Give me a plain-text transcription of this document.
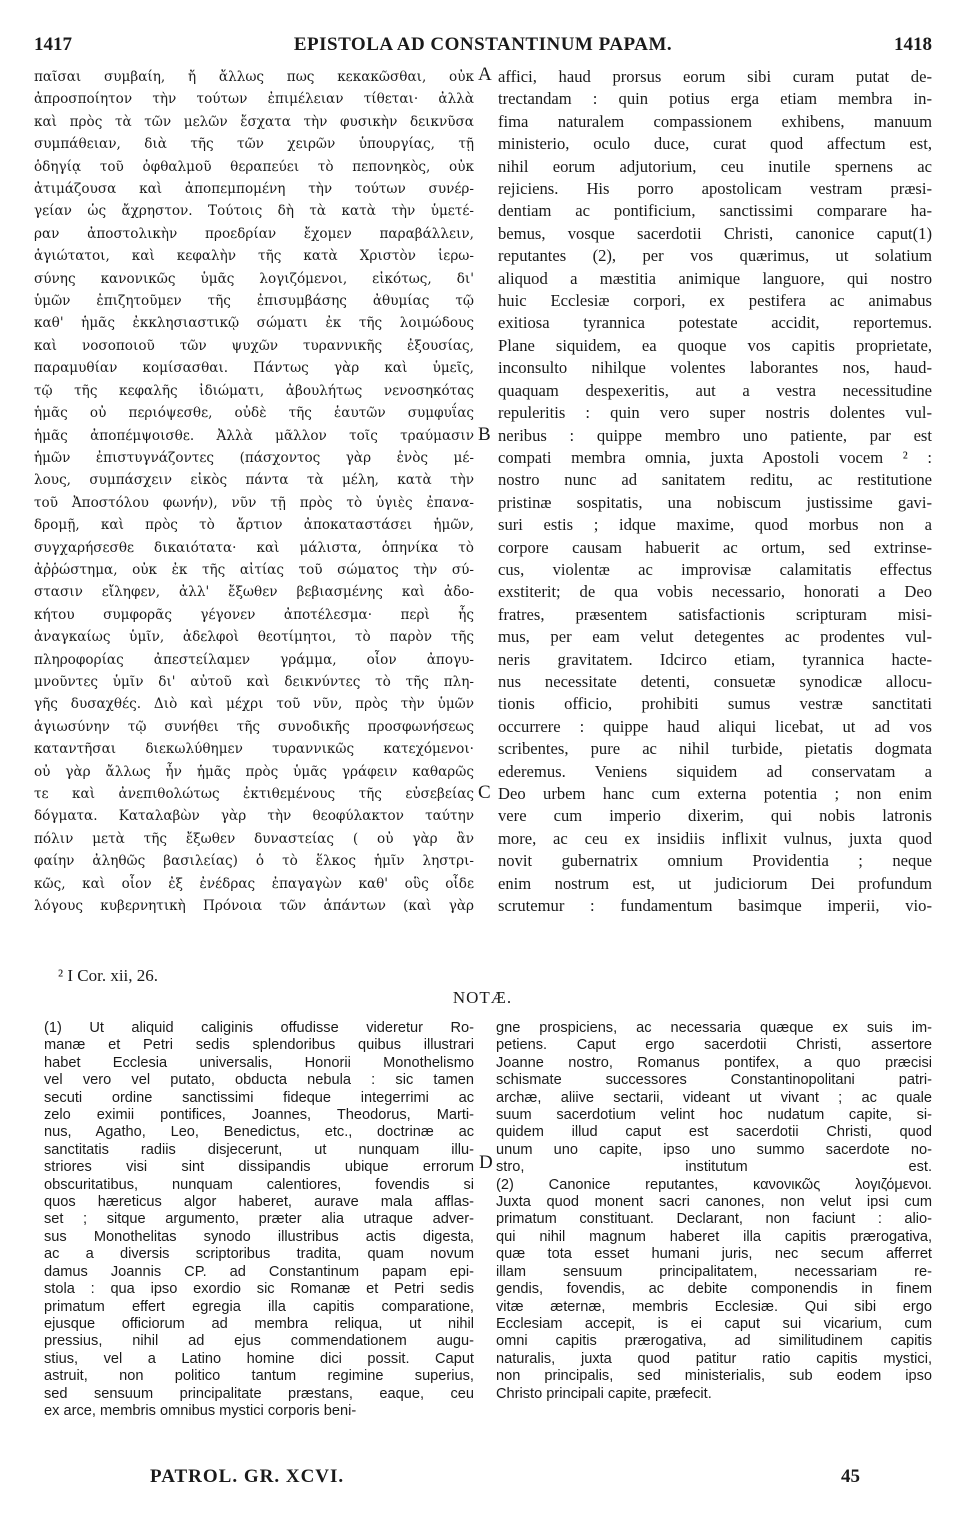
1417	EPISTOLA AD CONSTANTINUM PAPAM.	1418
παῖσαι συμβαίη, ἤ ἄλλως πως κεκακῶσθαι, οὐκ
ἀπροσποίητον τὴν τούτων ἐπιμέλειαν τίθεται· ἀλλὰ
καὶ πρὸς τὰ τῶν μελῶν ἔσχατα τὴν φυσικὴν δεικνῦσα
συμπάθειαν, διὰ τῆς τῶν χειρῶν ὑπουργίας, τῇ
ὁδηγίᾳ τοῦ ὀφθαλμοῦ θεραπεύει τὸ πεπονηκὸς, οὐκ
ἀτιμάζουσα καὶ ἀποπεμπομένη τὴν τούτων συνέρ-
γείαν ὡς ἄχρηστον. Τούτοις δὴ τὰ κατὰ τὴν ὑμετέ-
ραν ἀποστολικὴν προεδρίαν ἔχομεν παραβάλλειν,
ἁγιώτατοι, καὶ κεφαλὴν τῆς κατὰ Χριστὸν ἱερω-
σύνης κανονικῶς ὑμᾶς λογιζόμενοι, εἰκότως, δι'
ὑμῶν ἐπιζητοῦμεν τῆς ἐπισυμβάσης ἀθυμίας τῷ
καθ' ἡμᾶς ἐκκλησιαστικῷ σώματι ἐκ τῆς λοιμώδους
καὶ νοσοποιοῦ τῶν ψυχῶν τυραννικῆς ἐξουσίας,
παραμυθίαν κομίσασθαι. Πάντως γὰρ καὶ ὑμεῖς,
τῷ τῆς κεφαλῆς ἰδιώματι, ἀβουλήτως νενοσηκότας
ἡμᾶς οὐ περιόψεσθε, οὐδὲ τῆς ἑαυτῶν συμφυΐας
ἡμᾶς ἀποπέμψοισθε. Ἀλλὰ μᾶλλον τοῖς τραύμασιν
ἡμῶν ἐπιστυγνάζοντες (πάσχοντος γὰρ ἑνὸς μέ-
λους, συμπάσχειν εἰκὸς πάντα τὰ μέλη, κατὰ τὴν
τοῦ Ἀποστόλου φωνήν), νῦν τῇ πρὸς τὸ ὑγιὲς ἐπανα-
δρομῇ, καὶ πρὸς τὸ ἄρτιον ἀποκαταστάσει ἡμῶν,
συγχαρήσεσθε δικαιότατα· καὶ μάλιστα, ὁπηνίκα τὸ
ἀῤῥώστημα, οὐκ ἐκ τῆς αἰτίας τοῦ σώματος τὴν σύ-
στασιν εἴληφεν, ἀλλ' ἔξωθεν βεβιασμένης καὶ ἀδο-
κήτου συμφορᾶς γέγονεν ἀποτέλεσμα· περὶ ἧς
ἀναγκαίως ὑμῖν, ἀδελφοὶ θεοτίμητοι, τὸ παρὸν τῆς
πληροφορίας ἀπεστείλαμεν γράμμα, οἷον ἀπογυ-
μνοῦντες ὑμῖν δι' αὐτοῦ καὶ δεικνύντες τὸ τῆς πλη-
γῆς δυσαχθές. Διὸ καὶ μέχρι τοῦ νῦν, πρὸς τὴν ὑμῶν
ἁγιωσύνην τῷ συνήθει τῆς συνοδικῆς προσφωνήσεως
καταντῆσαι διεκωλύθημεν τυραννικῶς κατεχόμενοι·
οὐ γὰρ ἄλλως ἦν ἡμᾶς πρὸς ὑμᾶς γράφειν καθαρῶς
τε καὶ ἀνεπιθολώτως ἐκτιθεμένους τῆς εὐσεβείας
δόγματα. Καταλαβὼν γὰρ τὴν θεοφύλακτον ταύτην
πόλιν μετὰ τῆς ἔξωθεν δυναστείας ( οὐ γὰρ ἂν
φαίην ἀληθῶς βασιλείας) ὁ τὸ ἕλκος ἡμῖν ληστρι-
κῶς, καὶ οἷον ἐξ ἐνέδρας ἐπαγαγὼν καθ' οὓς οἶδε
λόγους κυβερνητικὴ Πρόνοια τῶν ἁπάντων (καὶ γὰρ
affici, haud prorsus eorum sibi curam putat de-
trectandam : quin potius erga etiam membra in-
fima naturalem compassionem exhibens, manuum
ministerio, oculo duce, curat quod affectum est,
nihil eorum adjutorium, ceu inutile spernens ac
rejiciens. His porro apostolicam vestram præsi-
dentiam ac pontificium, sanctissimi comparare ha-
bemus, vosque sacerdotii Christi, canonice caput(1)
reputantes (2), per vos quærimus, ut solatium
aliquod a mæstitia animique languore, qui nostro
huic Ecclesiæ corpori, ex pestifera ac animabus
exitiosa tyrannica potestate accidit, reportemus.
Plane siquidem, ea quoque vos capitis proprietate,
inconsulto nihilque volentes laborantes nos, haud-
quaquam despexeritis, aut a vestra necessitudine
repuleritis : quin vero super nostris dolentes vul-
neribus : quippe membro uno patiente, par est
compati membra omnia, juxta Apostoli vocem ² :
nostro nunc ad sanitatem reditu, ac restitutione
pristinæ sospitatis, una nobiscum justissime gavi-
suri estis ; idque maxime, quod morbus non a
corpore causam habuerit ac ortum, sed extrinse-
cus, violentæ ac improvisæ calamitatis effectus
exstiterit; de qua vobis necessario, honorati a Deo
fratres, præsentem satisfactionis scripturam misi-
mus, per eam velut detegentes ac prodentes vul-
neris gravitatem. Idcirco etiam, tyrannica hacte-
nus necessitate detenti, consuetæ synodicæ allocu-
tionis officio, prohibiti sumus vestræ sanctitati
occurrere : quippe haud aliqui licebat, ut ad vos
scribentes, pure ac nihil turbide, pietatis dogmata
ederemus. Veniens siquidem ad conservatam a
Deo urbem hanc cum externa potentia ; non enim
vere cum imperio dixerim, qui nobis latronis
more, ac ceu ex insidiis inflixit vulnus, juxta quod
novit gubernatrix omnium Providentia ; neque
enim nostrum est, ut judiciorum Dei profundum
scrutemur : fundamentum basimque imperii, vio-
A
B
C
D
² I Cor. xii, 26.
NOTÆ.
(1) Ut aliquid caliginis offudisse videretur Ro-
manæ et Petri sedis splendoribus quibus illustrari
habet Ecclesia universalis, Honorii Monothelismo
vel vero vel putato, obducta nebula : sic tamen
secuti ordine sanctissimi fideque integerrimi ac
zelo eximii pontifices, Joannes, Theodorus, Marti-
nus, Agatho, Leo, Benedictus, etc., doctrinæ ac
sanctitatis radiis disjecerunt, ut nunquam illu-
striores visi sint dissipandis ubique errorum
obscuritatibus, nunquam calentiores, fovendis si
quos hæreticus algor haberet, aurave mala afflas-
set ; sitque argumento, præter alia utraque adver-
sus Monothelitas synodo illustribus actis digesta,
ac a diversis scriptoribus tradita, quam novum
damus Joannis CP. ad Constantinum papam epi-
stola : qua ipso exordio sic Romanæ et Petri sedis
primatum effert egregia illa capitis comparatione,
ejusque officiorum ad membra reliqua, ut nihil
pressius, nihil ad ejus commendationem augu-
stius, vel a Latino homine dici possit. Caput
astruit, non politico tantum regimine superius,
sed sensuum principalitate præstans, eaque, ceu
ex arce, membris omnibus mystici corporis beni-
gne prospiciens, ac necessaria quæque ex suis im-
petiens. Caput ergo sacerdotii Christi, assertore
Joanne nostro, Romanus pontifex, a quo præcisi
schismate successores Constantinopolitani patri-
archæ, aliive sectarii, videant ut vivant ; ac quale
suum sacerdotium velint hoc nudatum capite, si-
quidem illud caput est sacerdotii Christi, quod
unum uno capite, ipso uno summo sacerdote no-
stro, institutum est.
(2) Canonice reputantes, κανονικῶς λογιζόμενοι.
Juxta quod monent sacri canones, non velut ipsi cum
primatum constituant. Declarant, non faciunt : alio-
qui nihil magnum haberet illa capitis prærogativa,
quæ tota esset humani juris, nec secum afferret
illam sensuum principalitatem, necessariam re-
gendis, fovendis, ac debite componendis in finem
vitæ æternæ, membris Ecclesiæ. Qui sibi ergo
Ecclesiam accepit, is ei caput sui vicarium, cum
omni capitis prærogativa, ad similitudinem capitis
naturalis, juxta quod patitur ratio capitis mystici,
non principalis, sed ministerialis, sub eodem ipso
Christo principali capite, præfecit.
PATROL. GR. XCVI.	45
